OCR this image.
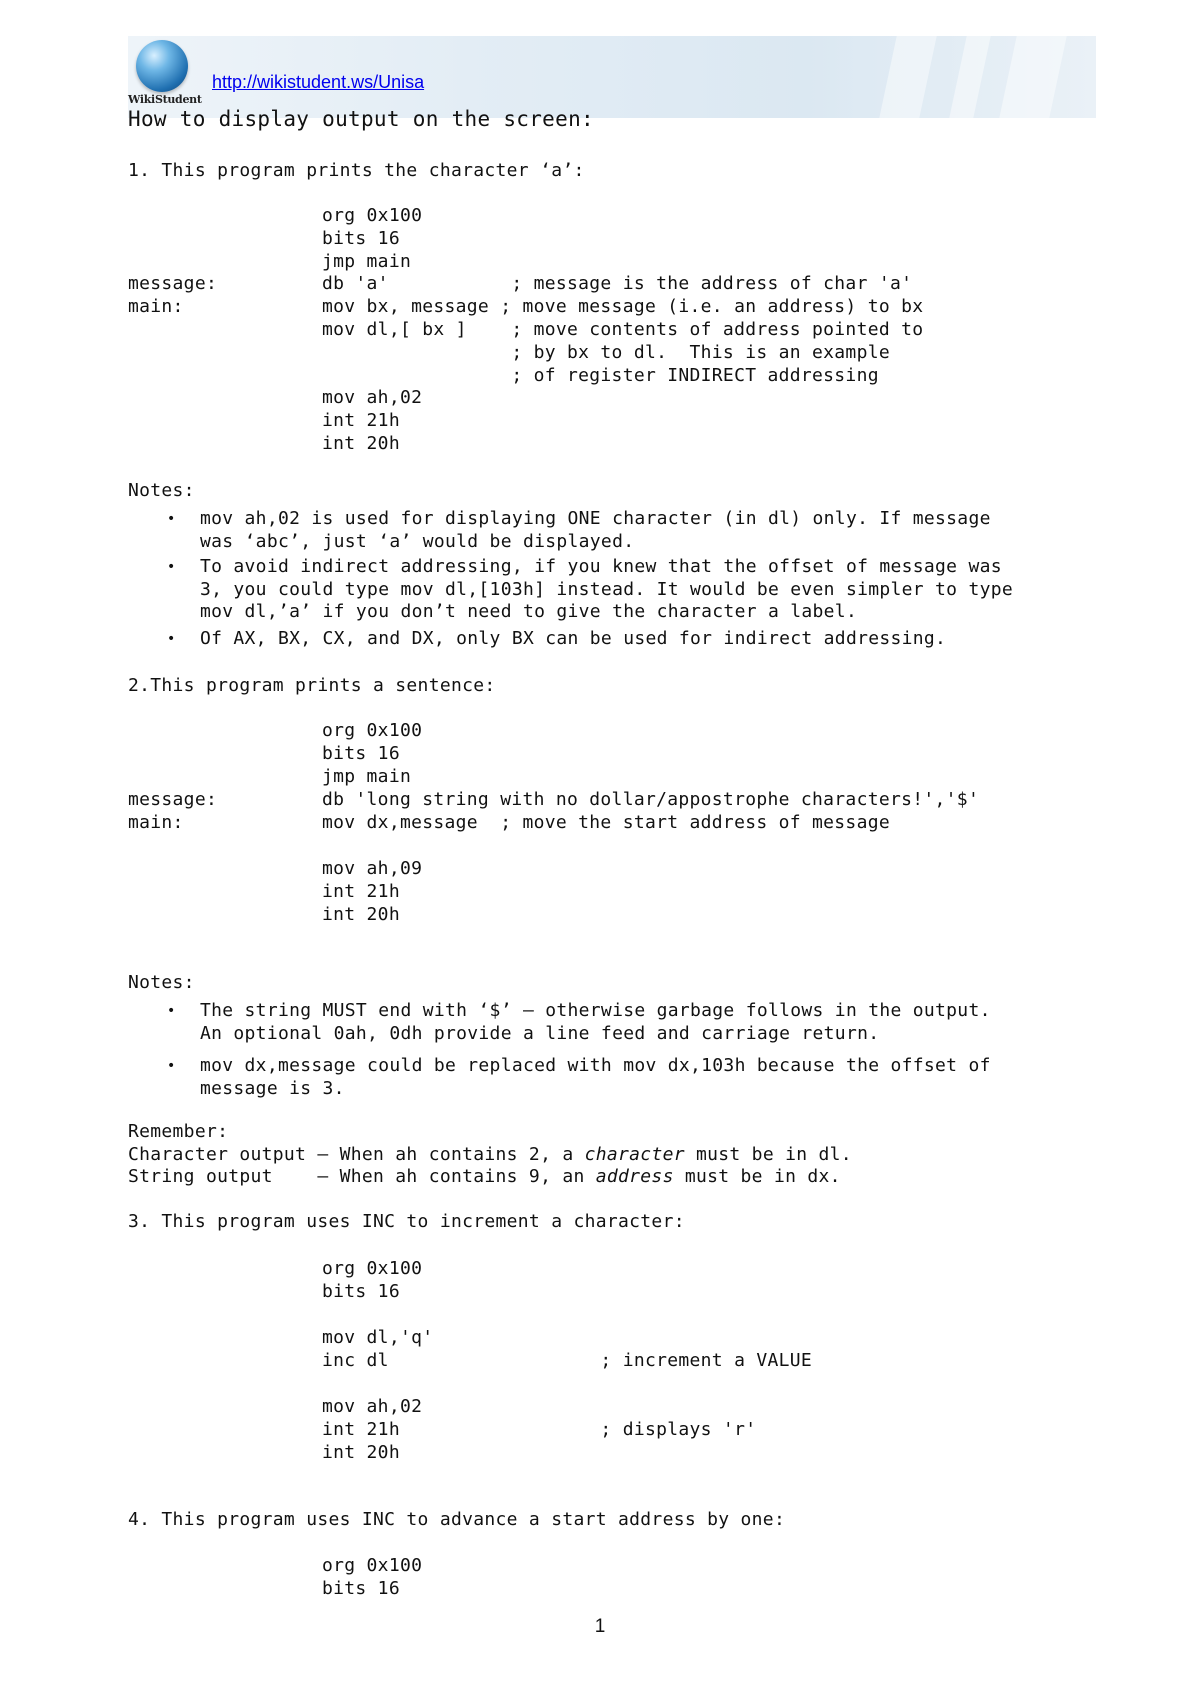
WikiStudent
http://wikistudent.ws/Unisa
How to display output on the screen:
1. This program prints the character ‘a’:
org 0x100
bits 16
jmp main
message:	db 'a'           ; message is the address of char 'a'
main:	mov bx, message ; move message (i.e. an address) to bx
mov dl,[ bx ]    ; move contents of address pointed to
; by bx to dl.  This is an example
; of register INDIRECT addressing
mov ah,02
int 21h
int 20h
Notes:
• mov ah,02 is used for displaying ONE character (in dl) only. If message
was ‘abc’, just ‘a’ would be displayed.
• To avoid indirect addressing, if you knew that the offset of message was
3, you could type mov dl,[103h] instead. It would be even simpler to type
mov dl,’a’ if you don’t need to give the character a label.
• Of AX, BX, CX, and DX, only BX can be used for indirect addressing.
2.This program prints a sentence:
org 0x100
bits 16
jmp main
message:	db 'long string with no dollar/appostrophe characters!','$'
main:	mov dx,message  ; move the start address of message
mov ah,09
int 21h
int 20h
Notes:
• The string MUST end with ‘$’ – otherwise garbage follows in the output.
An optional 0ah, 0dh provide a line feed and carriage return.
• mov dx,message could be replaced with mov dx,103h because the offset of
message is 3.
Remember:
Character output – When ah contains 2, a character must be in dl.
String output    – When ah contains 9, an address must be in dx.
3. This program uses INC to increment a character:
org 0x100
bits 16
mov dl,'q'
inc dl                   ; increment a VALUE
mov ah,02
int 21h                  ; displays 'r'
int 20h
4. This program uses INC to advance a start address by one:
org 0x100
bits 16
1
